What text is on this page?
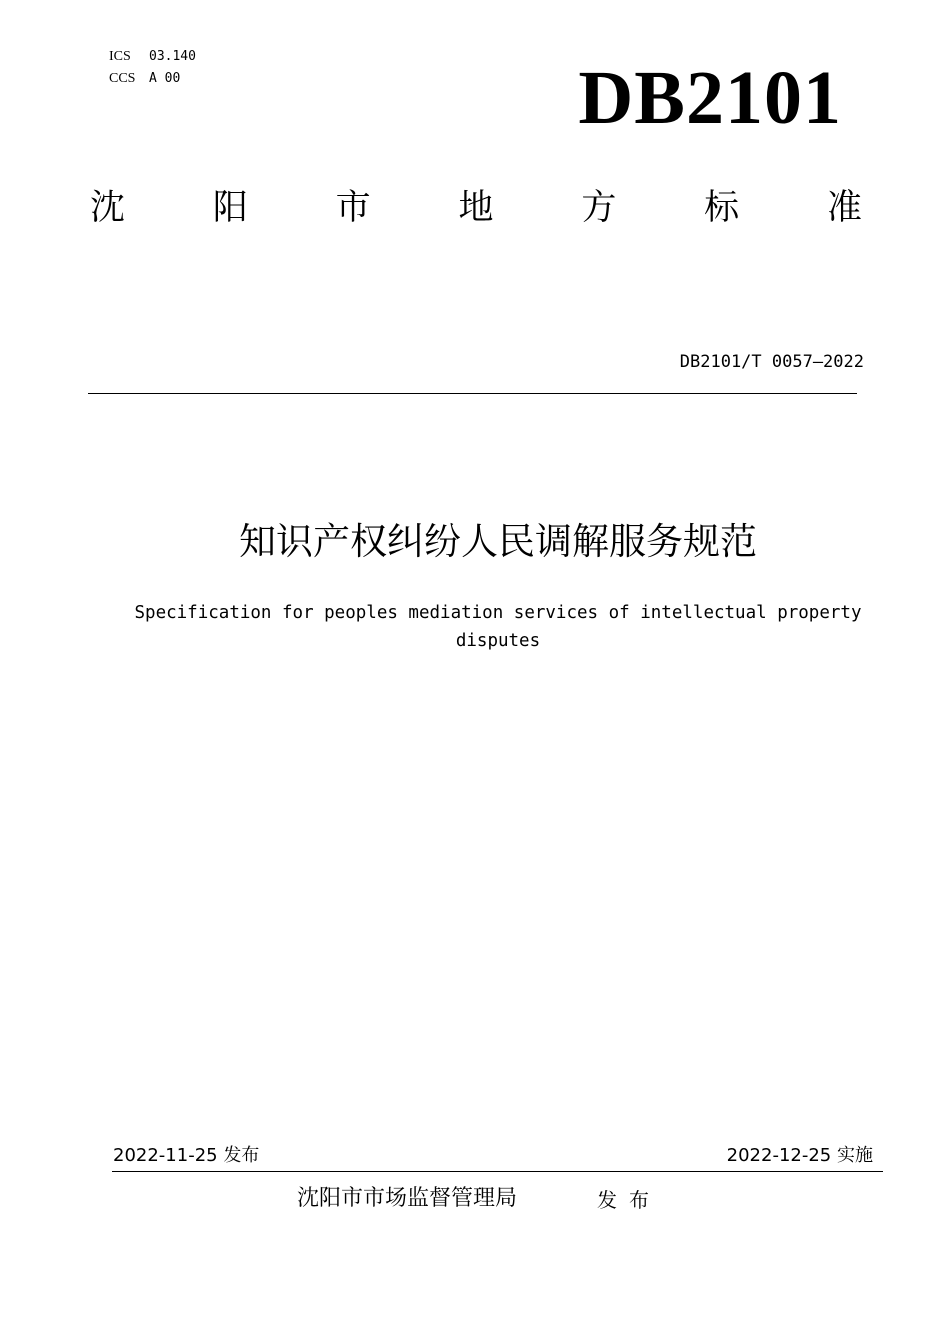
ICS	03.140
CCS	A 00	DB2101
沈	阳	市	地	方	标	准
DB2101/T 0057—2022
知识产权纠纷人民调解服务规范
Specification for peoples mediation services of intellectual property disputes
2022-11-25 发布	2022-12-25 实施
沈阳市市场监督管理局	发布
